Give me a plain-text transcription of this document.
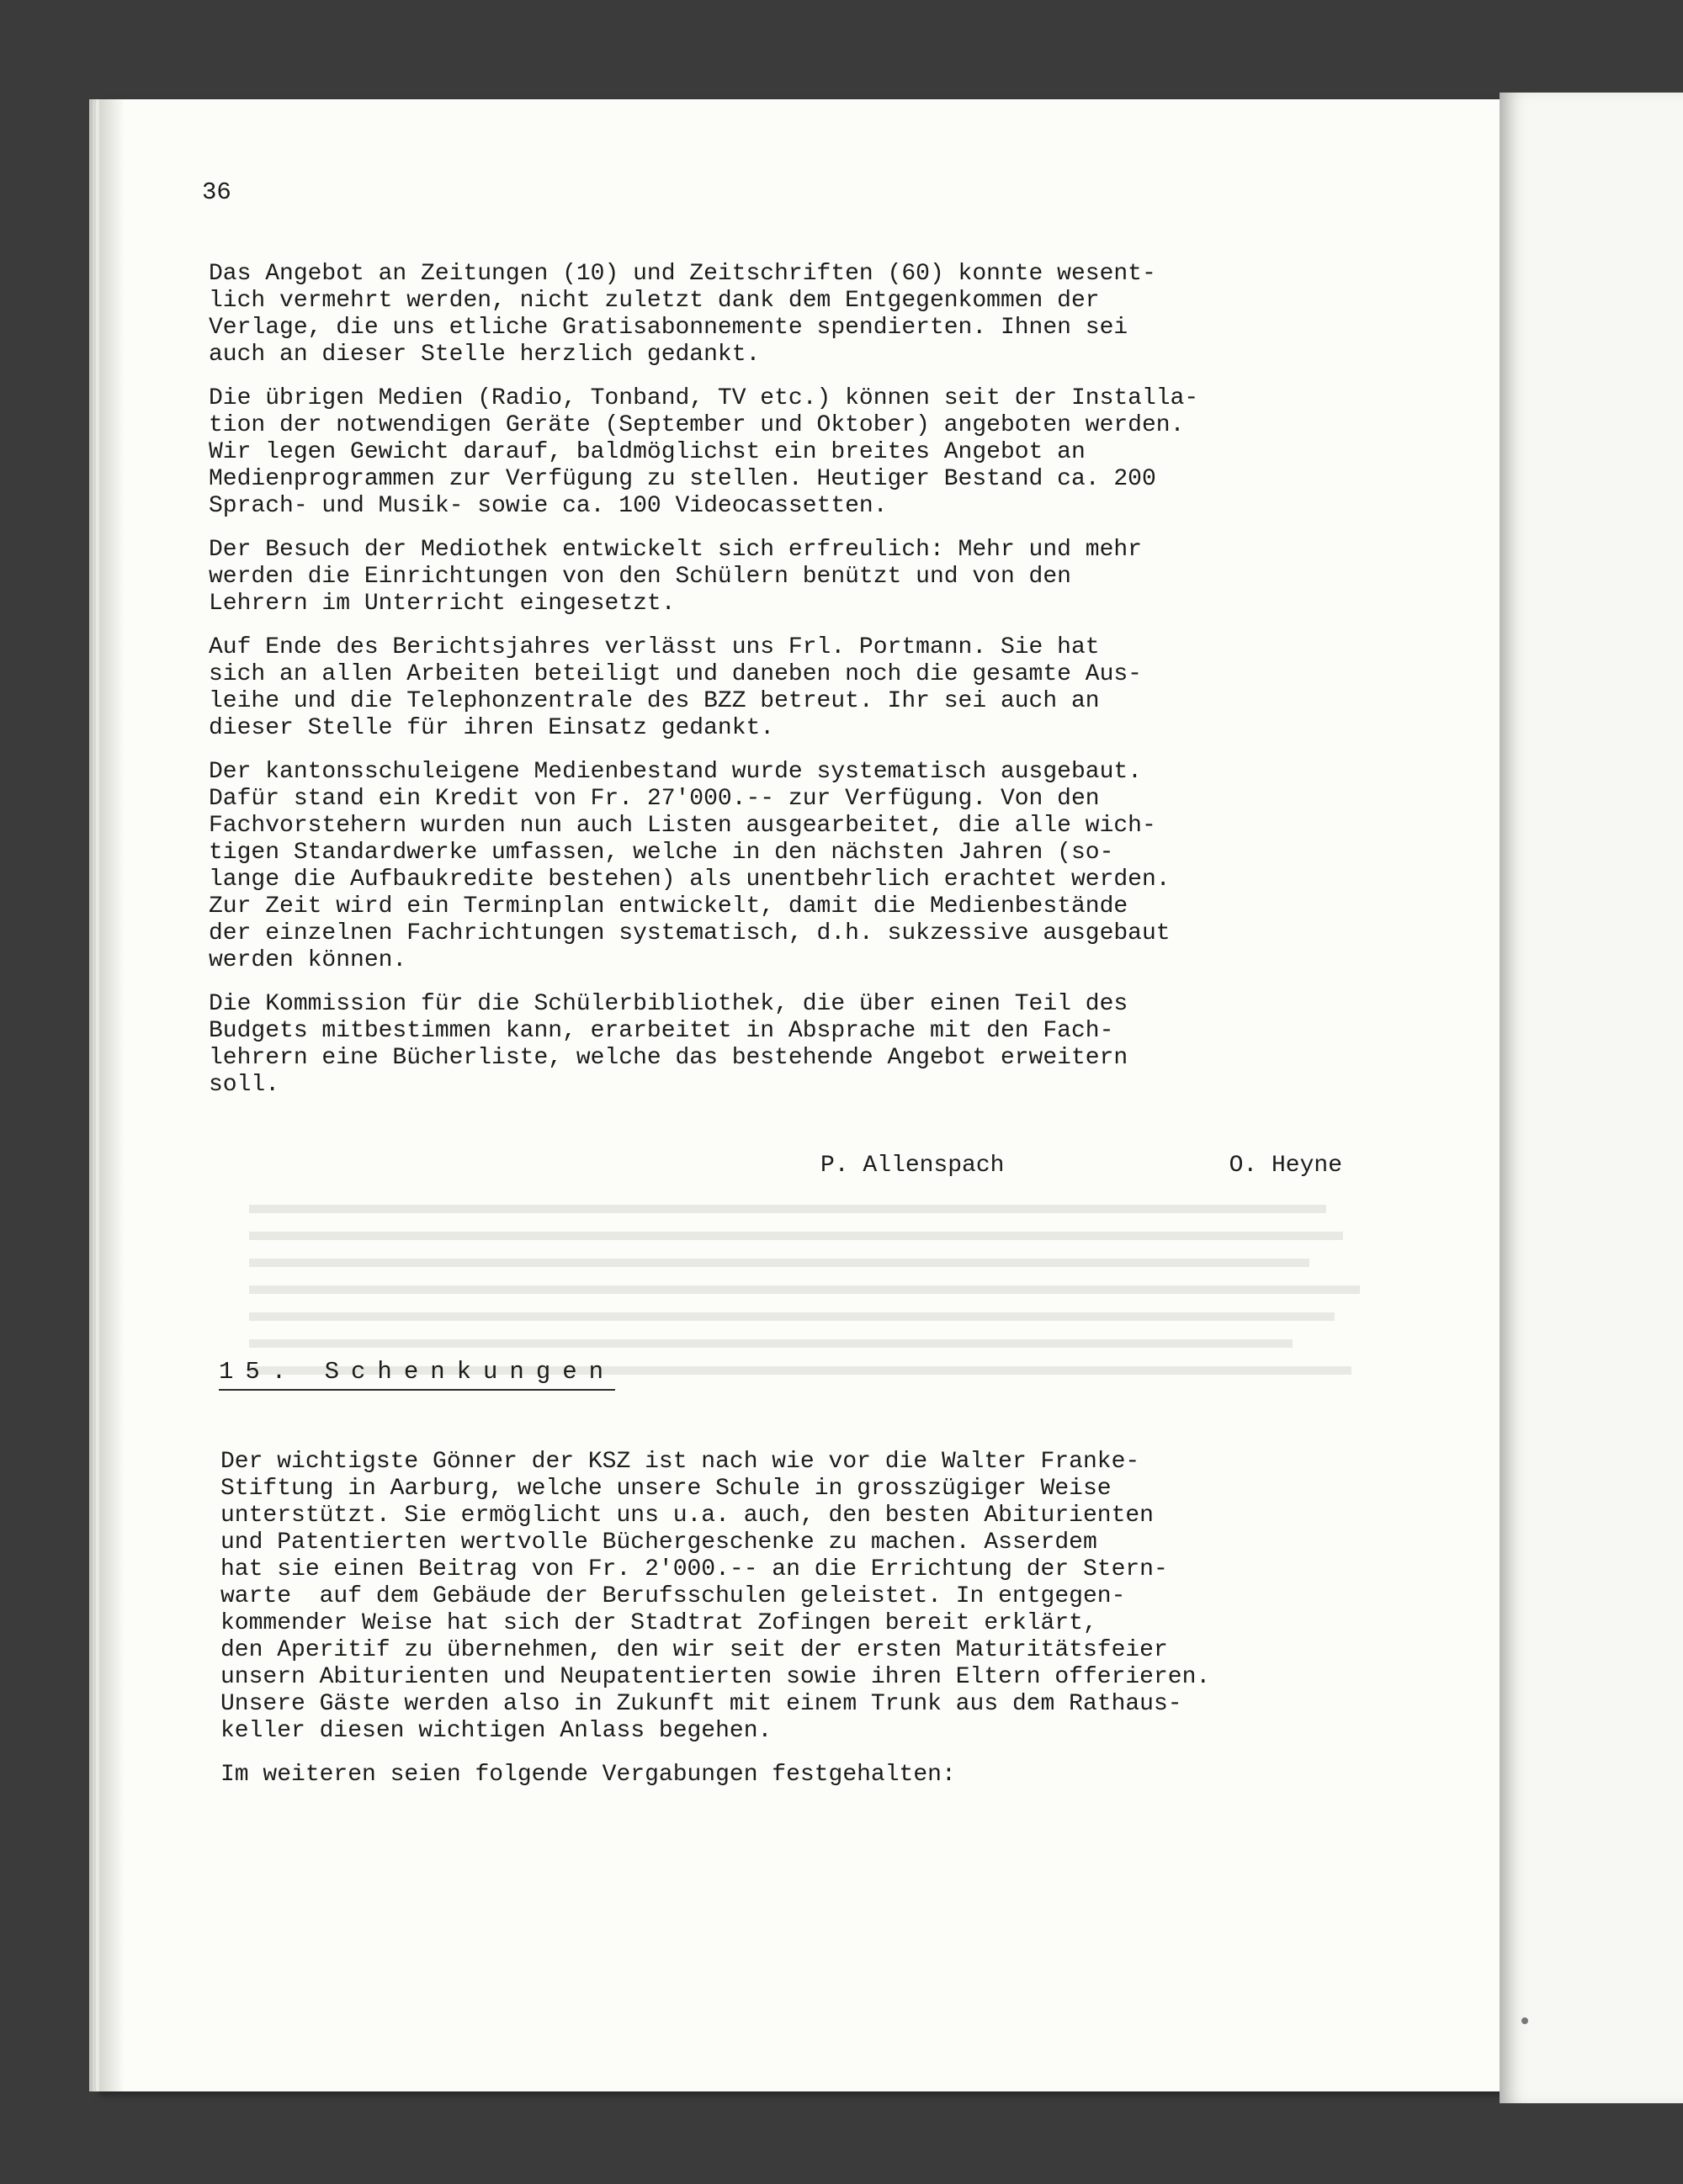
36

Das Angebot an Zeitungen (10) und Zeitschriften (60) konnte wesent-
lich vermehrt werden, nicht zuletzt dank dem Entgegenkommen der
Verlage, die uns etliche Gratisabonnemente spendierten. Ihnen sei
auch an dieser Stelle herzlich gedankt.

Die übrigen Medien (Radio, Tonband, TV etc.) können seit der Installa-
tion der notwendigen Geräte (September und Oktober) angeboten werden.
Wir legen Gewicht darauf, baldmöglichst ein breites Angebot an
Medienprogrammen zur Verfügung zu stellen. Heutiger Bestand ca. 200
Sprach- und Musik- sowie ca. 100 Videocassetten.

Der Besuch der Mediothek entwickelt sich erfreulich: Mehr und mehr
werden die Einrichtungen von den Schülern benützt und von den
Lehrern im Unterricht eingesetzt.

Auf Ende des Berichtsjahres verlässt uns Frl. Portmann. Sie hat
sich an allen Arbeiten beteiligt und daneben noch die gesamte Aus-
leihe und die Telephonzentrale des BZZ betreut. Ihr sei auch an
dieser Stelle für ihren Einsatz gedankt.

Der kantonsschuleigene Medienbestand wurde systematisch ausgebaut.
Dafür stand ein Kredit von Fr. 27'000.-- zur Verfügung. Von den
Fachvorstehern wurden nun auch Listen ausgearbeitet, die alle wich-
tigen Standardwerke umfassen, welche in den nächsten Jahren (so-
lange die Aufbaukredite bestehen) als unentbehrlich erachtet werden.
Zur Zeit wird ein Terminplan entwickelt, damit die Medienbestände
der einzelnen Fachrichtungen systematisch, d.h. sukzessive ausgebaut
werden können.

Die Kommission für die Schülerbibliothek, die über einen Teil des
Budgets mitbestimmen kann, erarbeitet in Absprache mit den Fach-
lehrern eine Bücherliste, welche das bestehende Angebot erweitern
soll.

P. Allenspach	O. Heyne
15. Schenkungen

Der wichtigste Gönner der KSZ ist nach wie vor die Walter Franke-
Stiftung in Aarburg, welche unsere Schule in grosszügiger Weise
unterstützt. Sie ermöglicht uns u.a. auch, den besten Abiturienten
und Patentierten wertvolle Büchergeschenke zu machen. Asserdem
hat sie einen Beitrag von Fr. 2'000.-- an die Errichtung der Stern-
warte  auf dem Gebäude der Berufsschulen geleistet. In entgegen-
kommender Weise hat sich der Stadtrat Zofingen bereit erklärt,
den Aperitif zu übernehmen, den wir seit der ersten Maturitätsfeier
unsern Abiturienten und Neupatentierten sowie ihren Eltern offerieren.
Unsere Gäste werden also in Zukunft mit einem Trunk aus dem Rathaus-
keller diesen wichtigen Anlass begehen.

Im weiteren seien folgende Vergabungen festgehalten:
